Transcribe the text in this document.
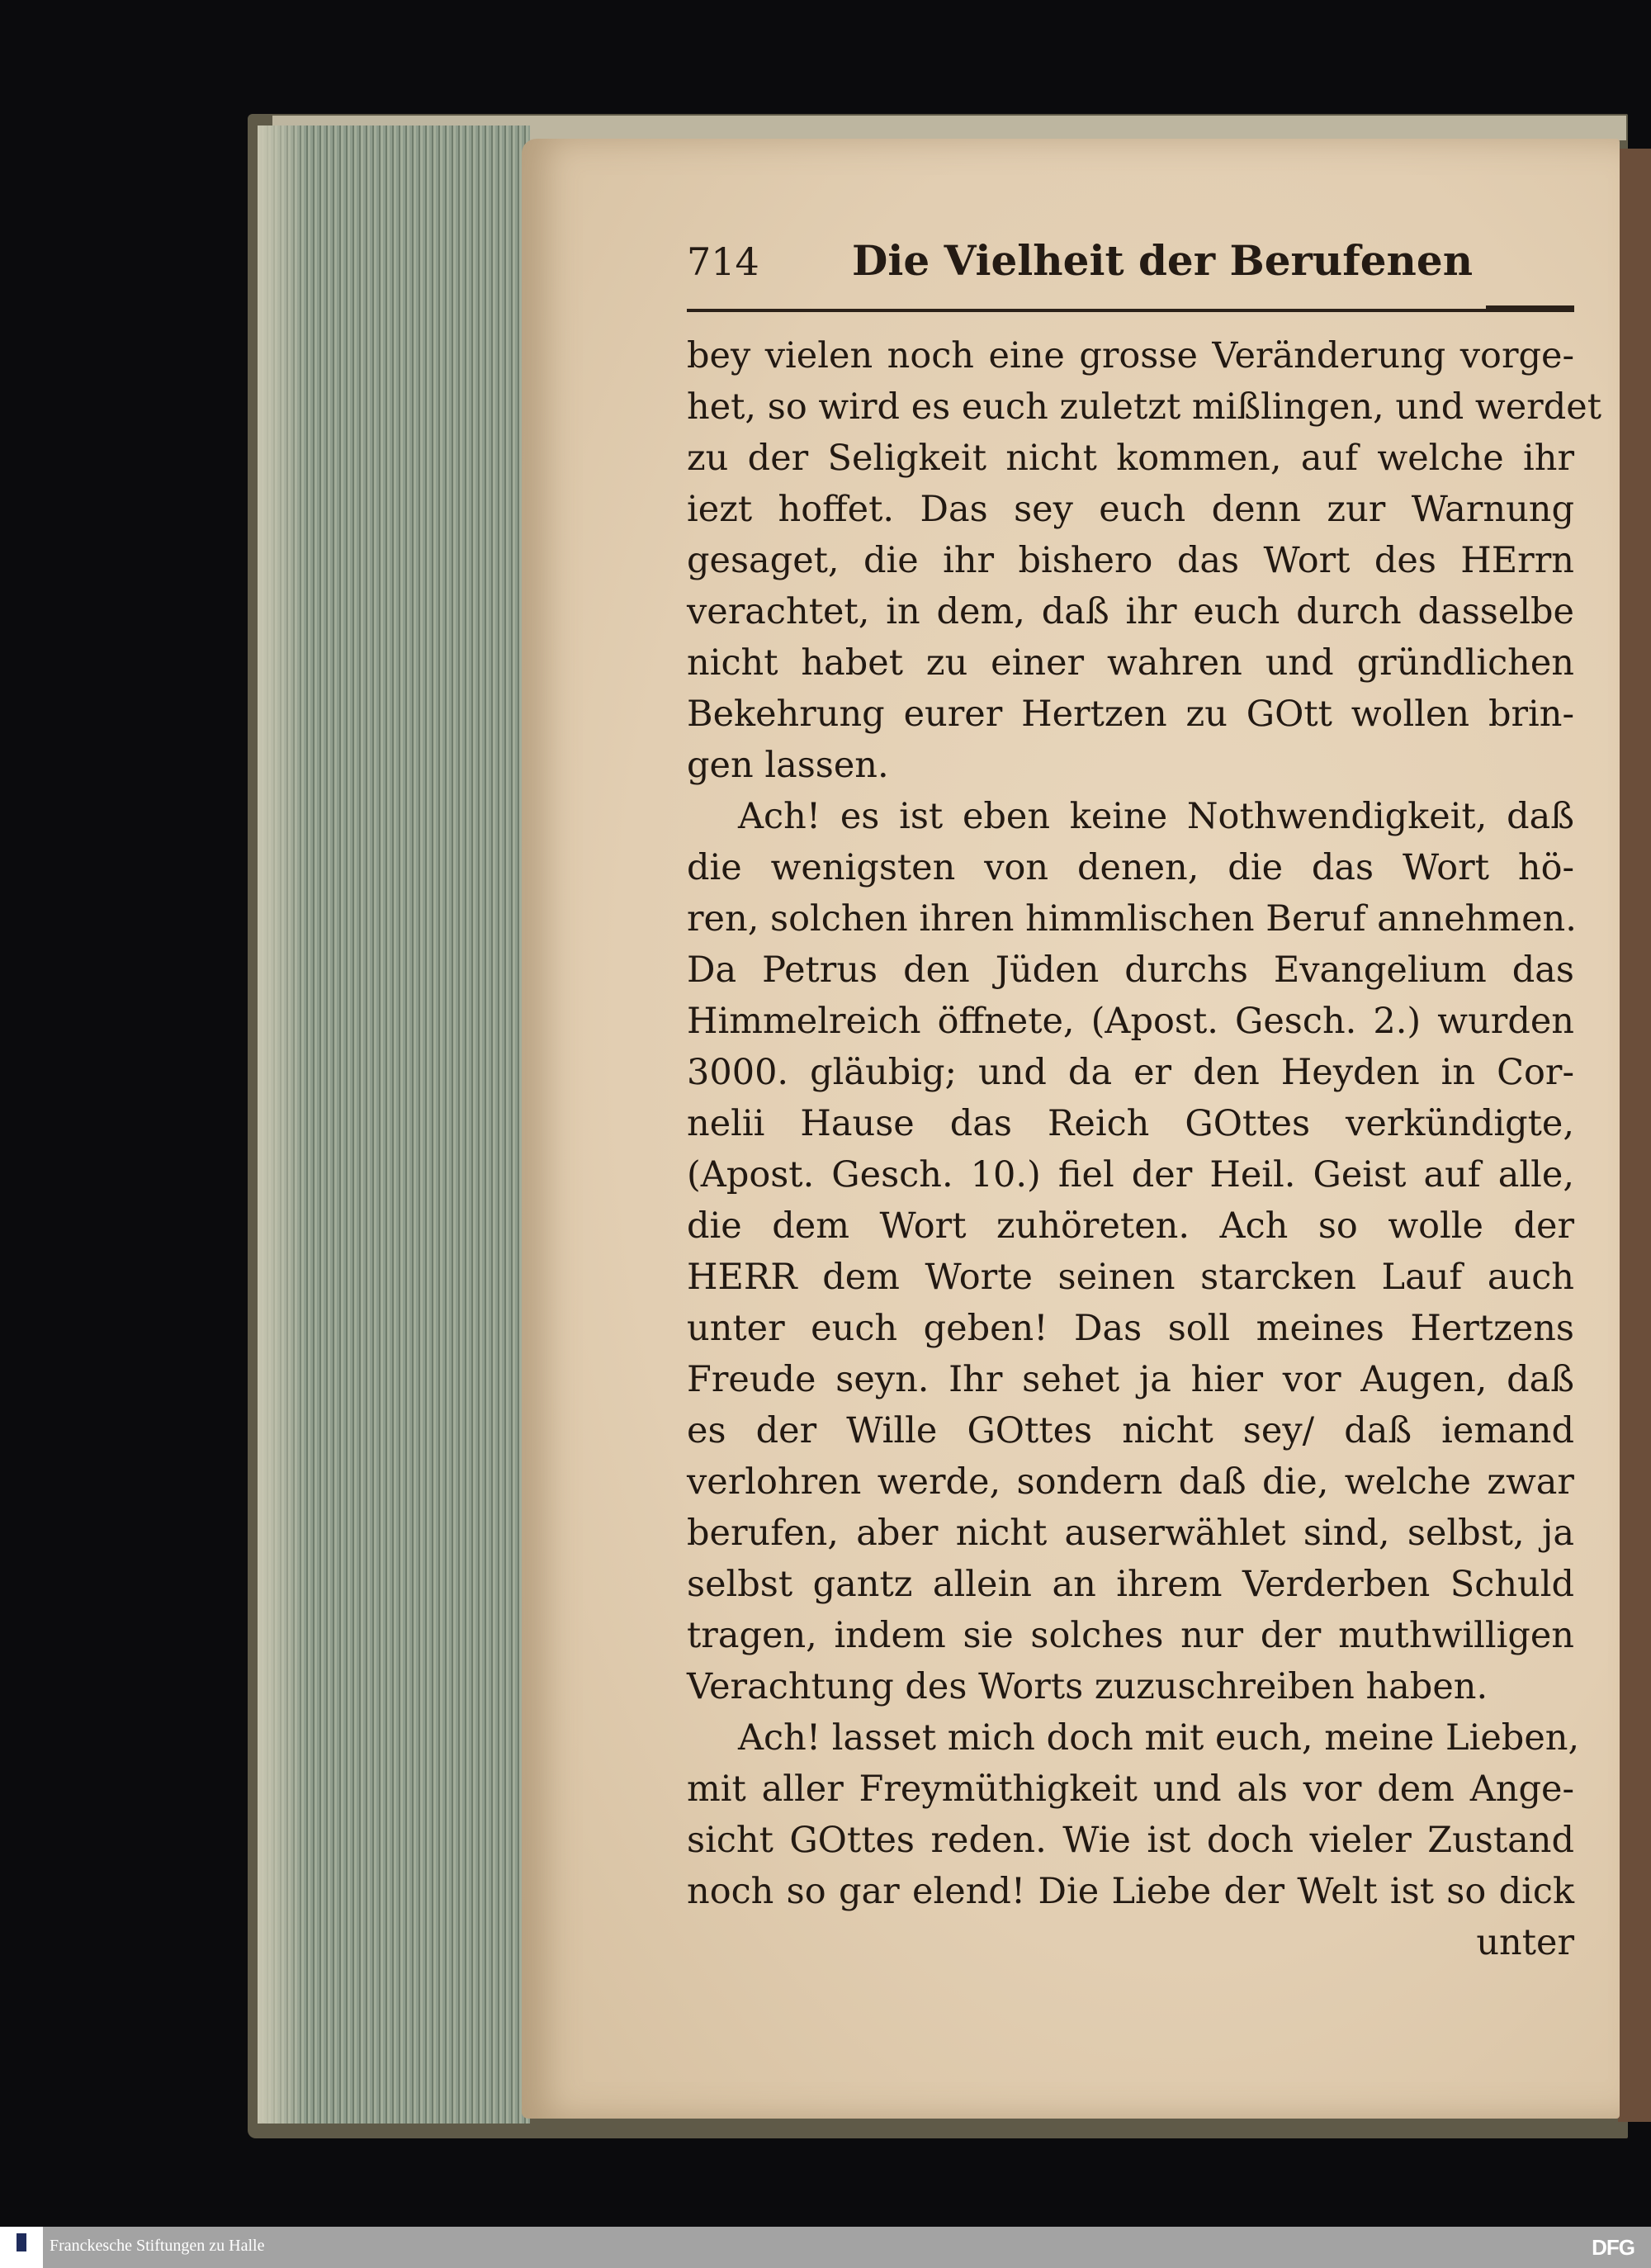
714 Die Vielheit der Berufenen
bey vielen noch eine grosse Veränderung vorge-
het, so wird es euch zuletzt mißlingen, und werdet
zu der Seligkeit nicht kommen, auf welche ihr
iezt hoffet. Das sey euch denn zur Warnung
gesaget, die ihr bishero das Wort des HErrn
verachtet, in dem, daß ihr euch durch dasselbe
nicht habet zu einer wahren und gründlichen
Bekehrung eurer Hertzen zu GOtt wollen brin-
gen lassen.
Ach! es ist eben keine Nothwendigkeit, daß
die wenigsten von denen, die das Wort hö-
ren, solchen ihren himmlischen Beruf annehmen.
Da Petrus den Jüden durchs Evangelium das
Himmelreich öffnete, (Apost. Gesch. 2.) wurden
3000. gläubig; und da er den Heyden in Cor-
nelii Hause das Reich GOttes verkündigte,
(Apost. Gesch. 10.) fiel der Heil. Geist auf alle,
die dem Wort zuhöreten. Ach so wolle der
HERR dem Worte seinen starcken Lauf auch
unter euch geben! Das soll meines Hertzens
Freude seyn. Ihr sehet ja hier vor Augen, daß
es der Wille GOttes nicht sey/ daß iemand
verlohren werde, sondern daß die, welche zwar
berufen, aber nicht auserwählet sind, selbst, ja
selbst gantz allein an ihrem Verderben Schuld
tragen, indem sie solches nur der muthwilligen
Verachtung des Worts zuzuschreiben haben.
Ach! lasset mich doch mit euch, meine Lieben,
mit aller Freymüthigkeit und als vor dem Ange-
sicht GOttes reden. Wie ist doch vieler Zustand
noch so gar elend! Die Liebe der Welt ist so dick
unter
Franckesche Stiftungen zu Halle	DFG
